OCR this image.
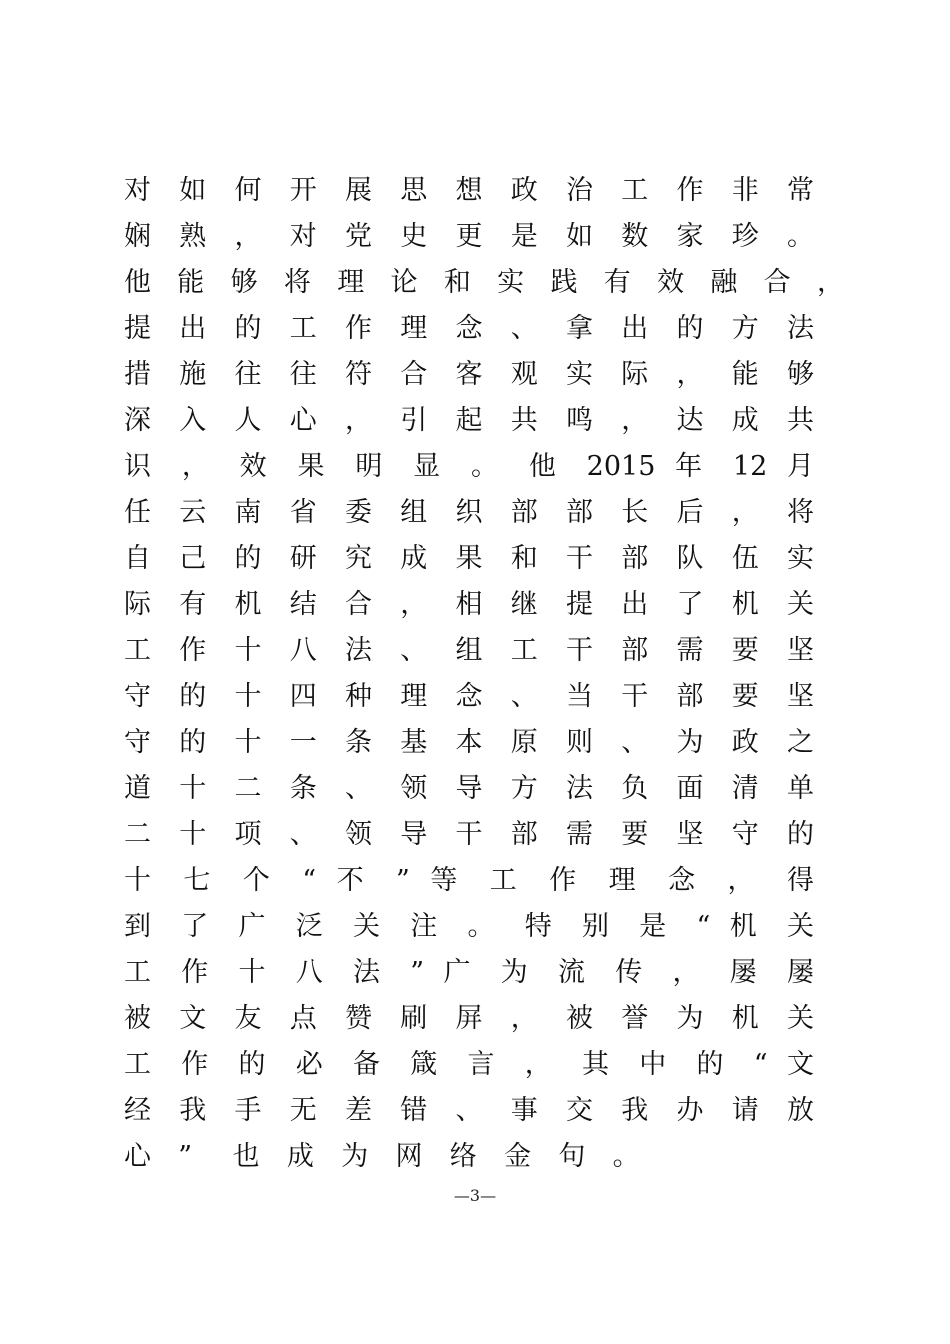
对 如 何 开 展 思 想 政 治 工 作 非 常
娴 熟 ， 对 党 史 更 是 如 数 家 珍 。
他 能 够 将 理 论 和 实 践 有 效 融 合 ，
提 出 的 工 作 理 念 、 拿 出 的 方 法
措 施 往 往 符 合 客 观 实 际 ， 能 够
深 入 人 心 ， 引 起 共 鸣 ， 达 成 共
识 ， 效 果 明 显 。 他 2015 年 12 月
任 云 南 省 委 组 织 部 部 长 后 ， 将
自 己 的 研 究 成 果 和 干 部 队 伍 实
际 有 机 结 合 ， 相 继 提 出 了 机 关
工 作 十 八 法 、 组 工 干 部 需 要 坚
守 的 十 四 种 理 念 、 当 干 部 要 坚
守 的 十 一 条 基 本 原 则 、 为 政 之
道 十 二 条 、 领 导 方 法 负 面 清 单
二 十 项 、 领 导 干 部 需 要 坚 守 的
十 七 个 “ 不 ” 等 工 作 理 念 ， 得
到 了 广 泛 关 注 。 特 别 是 “ 机 关
工 作 十 八 法 ” 广 为 流 传 ， 屡 屡
被 文 友 点 赞 刷 屏 ， 被 誉 为 机 关
工 作 的 必 备 箴 言 ， 其 中 的 “ 文
经 我 手 无 差 错 、 事 交 我 办 请 放
心 ” 也 成 为 网 络 金 句 。
—3—
